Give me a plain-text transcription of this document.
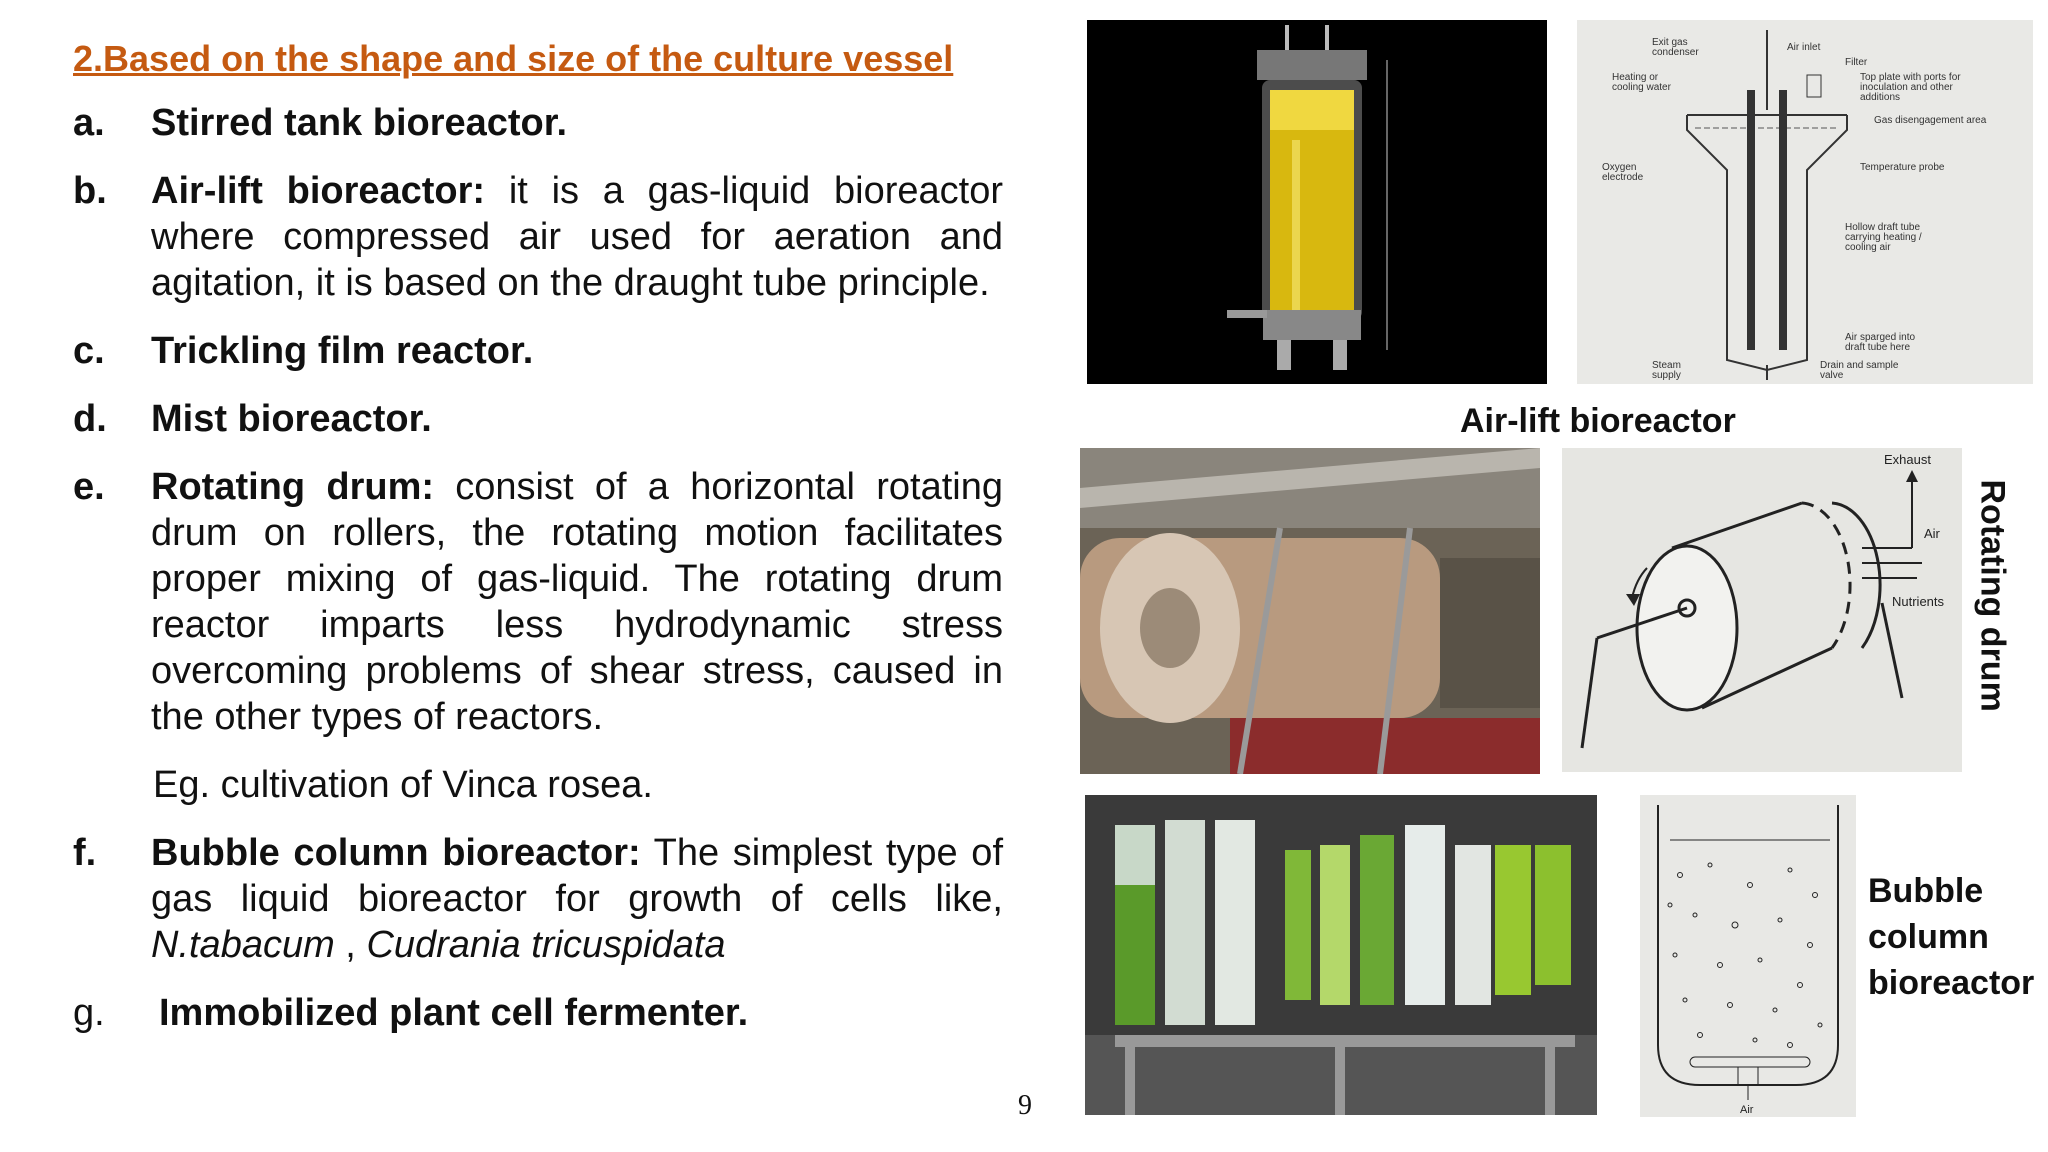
2.Based on the shape and size of the culture vessel
a.	Stirred tank bioreactor.
b.	Air-lift bioreactor: it is a gas-liquid bioreactor where compressed air used for aeration and agitation, it is based on the draught tube principle.
c.	Trickling film reactor.
d.	Mist bioreactor.
e.	Rotating drum: consist of a horizontal rotating drum on rollers, the rotating motion facilitates proper mixing of gas-liquid. The rotating drum reactor imparts less hydrodynamic stress overcoming problems of shear stress, caused in the other types of reactors.
Eg. cultivation of Vinca rosea.
f.	Bubble column bioreactor: The simplest type of gas liquid bioreactor for growth of cells like, N.tabacum , Cudrania tricuspidata
g.	Immobilized plant cell fermenter.
9
Exit gas
condenser	Air inlet
Filter
Heating or
cooling water
Top plate with ports for
inoculation and other
additions
Gas disengagement area
Oxygen
electrode
Temperature probe
Hollow draft tube
carrying heating /
cooling air
Air sparged into
draft tube here
Steam
supply
Drain and sample
valve
Air-lift bioreactor
Exhaust
Air
Nutrients Rotating drum
Air
Bubble
column
bioreactor
